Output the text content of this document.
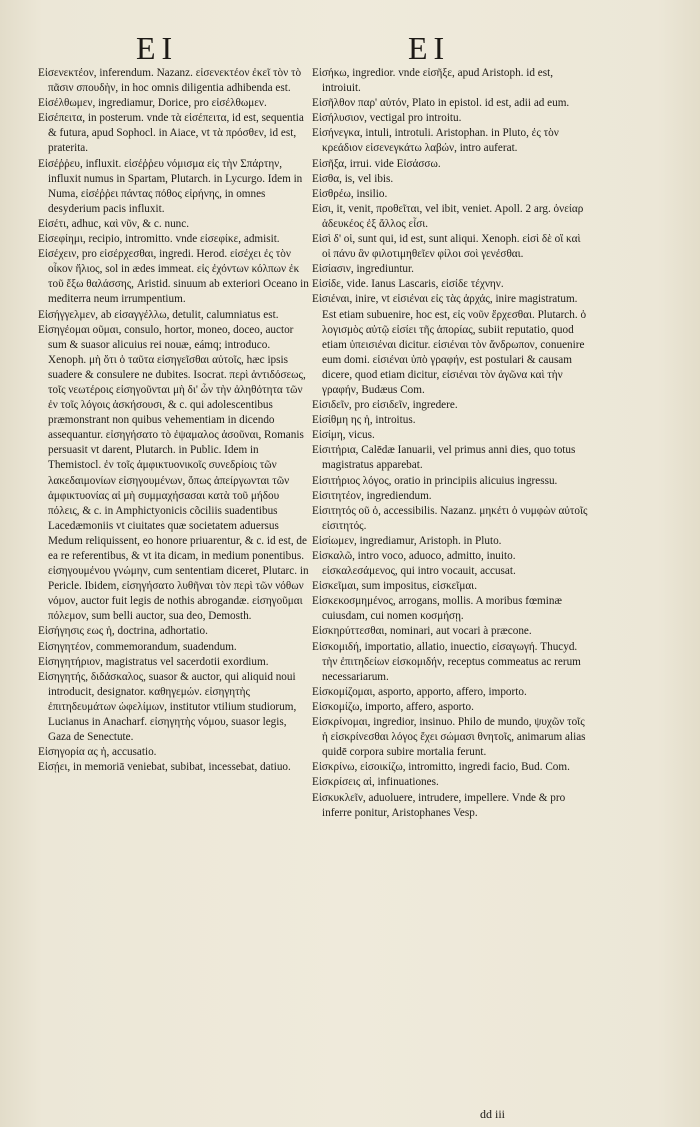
EI	EI

Εἰσενεκτέον, inferendum. Nazanz. εἰσενεκτέον ἐκεῖ τὸν τὸ πᾶσιν σπουδὴν, in hoc omnis diligentia adhibenda est.

Εἰσέλθωμεν, ingrediamur, Dorice, pro εἰσέλθωμεν.

Εἰσέπειτα, in posterum. vnde τὰ εἰσέπειτα, id est, sequentia & futura, apud Sophocl. in Aiace, vt τὰ πρόσθεν, id est, praterita.

Εἰσέῤῥευ, influxit. εἰσέῤῥευ νόμισμα εἰς τὴν Σπάρτην, influxit numus in Spartam, Plutarch. in Lycurgo. Idem in Numa, εἰσέῤῥει πάντας πόθος εἰρήνης, in omnes desyderium pacis influxit.

Εἰσέτι, adhuc, καὶ νῦν, & c. nunc.

Εἰσεφίημι, recipio, intromitto. vnde εἰσεφίκε, admisit.

Εἰσέχειν, pro εἰσέρχεσθαι, ingredi. Herod. εἰσέχει ἐς τὸν οἶκον ἥλιος, sol in ædes immeat. εἰς ἐχόντων κόλπων ἐκ τοῦ ἔξω θαλάσσης, Aristid. sinuum ab exteriori Oceano in mediterra neum irrumpentium.

Εἰσήγγελμεν, ab εἰσαγγέλλω, detulit, calumniatus est.

Εἰσηγέομαι οῦμαι, consulo, hortor, moneo, doceo, auctor sum & suasor alicuius rei nouæ, eámq; introduco. Xenoph. μὴ ὅτι ὁ ταῦτα εἰσηγεῖσθαι αὐτοῖς, hæc ipsis suadere & consulere ne dubites. Isocrat. περὶ ἀντιδόσεως, τοῖς νεωτέροις εἰσηγοῦνται μὴ δι' ὧν τὴν ἀληθότητα τῶν ἐν τοῖς λόγοις ἀσκήσουσι, & c. qui adolescentibus præmonstrant non quibus vehementiam in dicendo assequantur. εἰσηγήσατο τὸ ἐψαμαλος ἀσοῦναι, Romanis persuasit vt darent, Plutarch. in Public. Idem in Themistocl. ἐν τοῖς ἀμφικτυονικοῖς συνεδρίοις τῶν λακεδαιμονίων εἰσηγουμένων, ὅπως ἀπείργωνται τῶν ἀμφικτυονίας αἱ μὴ συμμαχήσασαι κατὰ τοῦ μήδου πόλεις, & c. in Amphictyonicis cõciliis suadentibus Lacedæmoniis vt ciuitates quæ societatem aduersus Medum reliquissent, eo honore priuarentur, & c. id est, de ea re referentibus, & vt ita dicam, in medium ponentibus. εἰσηγουμένου γνώμην, cum sententiam diceret, Plutarc. in Pericle. Ibidem, εἰσηγήσατο λυθῆναι τὸν περὶ τῶν νόθων νόμον, auctor fuit legis de nothis abrogandæ. εἰσηγοῦμαι πόλεμον, sum belli auctor, sua deo, Demosth.

Εἰσήγησις εως ἡ, doctrina, adhortatio.

Εἰσηγητέον, commemorandum, suadendum.

Εἰσηγητήριον, magistratus vel sacerdotii exordium.

Εἰσηγητής, διδάσκαλος, suasor & auctor, qui aliquid noui introducit, designator. καθηγεμών. εἰσηγητὴς ἐπιτηδευμάτων ὠφελίμων, institutor vtilium studiorum, Lucianus in Anacharf. εἰσηγητὴς νόμου, suasor legis, Gaza de Senectute.

Εἰσηγορία ας ἡ, accusatio.

Εἰσῄει, in memoriā veniebat, subibat, incessebat, datiuo.

Εἰσήκω, ingredior. vnde εἰσῆξε, apud Aristoph. id est, introiuit.

Εἰσῆλθον παρ' αὐτόν, Plato in epistol. id est, adii ad eum.

Εἰσήλυσιον, vectigal pro introitu.

Εἰσήνεγκα, intuli, introtuli. Aristophan. in Pluto, ἐς τὸν κρεάδιον εἰσενεγκάτω λαβών, intro auferat.

Εἰσῆξα, irrui. vide Εἰσάσσω.

Εἰσθα, is, vel ibis.

Εἰσθρέω, insilio.

Εἰσι, it, venit, προθεῖται, vel ibit, veniet. Apoll. 2 arg. ὀνείαρ ἀδευκέος ἐξ ἄλλος εἶσι.

Εἰσὶ δ' οἱ, sunt qui, id est, sunt aliqui. Xenoph. εἰσὶ δὲ οἳ καὶ οἱ πάνυ ἂν φιλοτιμηθεῖεν φίλοι σοὶ γενέσθαι.

Εἰσίασιν, ingrediuntur.

Εἰσίδε, vide. Ianus Lascaris, εἰσίδε τέχνην.

Εἰσιέναι, inire, vt εἰσιέναι εἰς τὰς ἀρχάς, inire magistratum. Est etiam subuenire, hoc est, εἰς νοῦν ἔρχεσθαι. Plutarch. ὁ λογισμὸς αὐτῷ εἰσίει τῆς ἀπορίας, subiit reputatio, quod etiam ὑπεισιέναι dicitur. εἰσιέναι τὸν ἄνδρωπον, conuenire eum domi. εἰσιέναι ὑπὸ γραφήν, est postulari & causam dicere, quod etiam dicitur, εἰσιέναι τὸν ἀγῶνα καὶ τὴν γραφήν, Budæus Com.

Εἰσιδεῖν, pro εἰσιδεῖν, ingredere.

Εἰσίθμη ης ἡ, introitus.

Εἰσίμη, vicus.

Εἰσιτήρια, Calēdæ Ianuarii, vel primus anni dies, quo totus magistratus apparebat.

Εἰσιτήριος λόγος, oratio in principiis alicuius ingressu.

Εἰσιτητέον, ingrediendum.

Εἰσιτητός οῦ ὁ, accessibilis. Nazanz. μηκέτι ὁ νυμφὼν αὐτοῖς εἰσιτητός.

Εἰσίωμεν, ingrediamur, Aristoph. in Pluto.

Εἰσκαλῶ, intro voco, aduoco, admitto, inuito. εἰσκαλεσάμενος, qui intro vocauit, accusat.

Εἰσκεῖμαι, sum impositus, εἰσκεῖμαι.

Εἰσκεκοσμημένος, arrogans, mollis. A moribus fœminæ cuiusdam, cui nomen κοσμήσῃ.

Εἰσκηρύττεσθαι, nominari, aut vocari à præcone.

Εἰσκομιδή, importatio, allatio, inuectio, εἰσαγωγή. Thucyd. τὴν ἐπιτηδείων εἰσκομιδήν, receptus commeatus ac rerum necessariarum.

Εἰσκομίζομαι, asporto, apporto, affero, importo.

Εἰσκομίζω, importo, affero, asporto.

Εἰσκρίνομαι, ingredior, insinuo. Philo de mundo, ψυχῶν τοῖς ἡ εἰσκρίνεσθαι λόγος ἔχει σώμασι θνητοῖς, animarum alias quidē corpora subire mortalia ferunt.

Εἰσκρίνω, εἰσοικίζω, intromitto, ingredi facio, Bud. Com.

Εἰσκρίσεις αἱ, infinuationes.

Εἰσκυκλεῖν, aduoluere, intrudere, impellere. Vnde & pro inferre ponitur, Aristophanes Vesp.

dd iii
